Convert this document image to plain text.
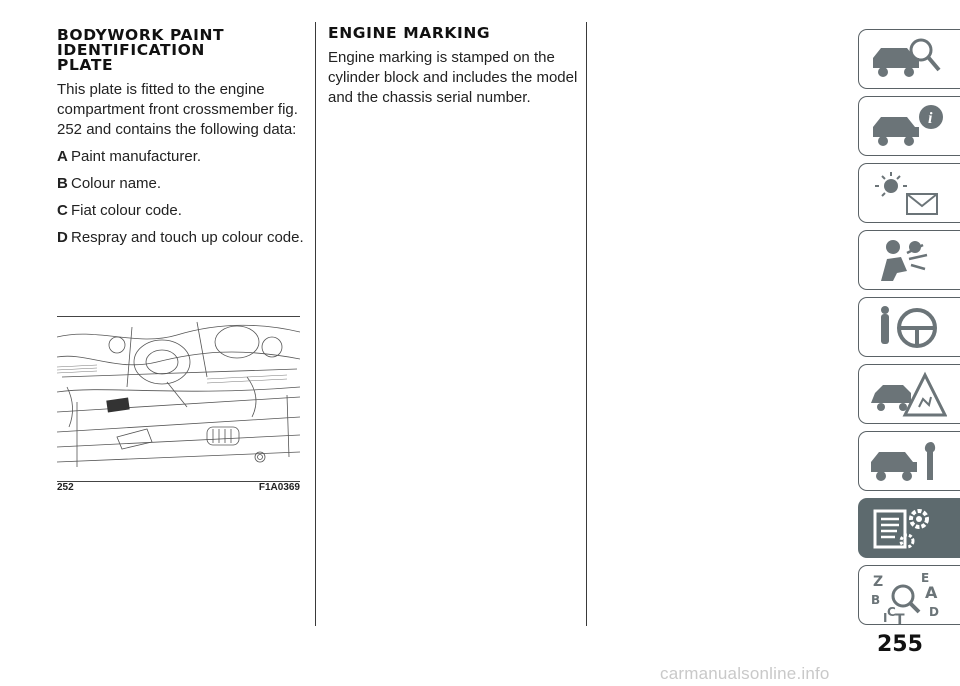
BODYWORK PAINT
IDENTIFICATION
PLATE

This plate is fitted to the engine compartment front crossmember fig. 252 and contains the following data:

A Paint manufacturer.
B Colour name.
C Fiat colour code.
D Respray and touch up colour code.
252	F1A0369
ENGINE MARKING

Engine marking is stamped on the cylinder block and includes the model and the chassis serial number.

i
Z
B
C T
A
E
D
I
255
carmanualsonline.info
